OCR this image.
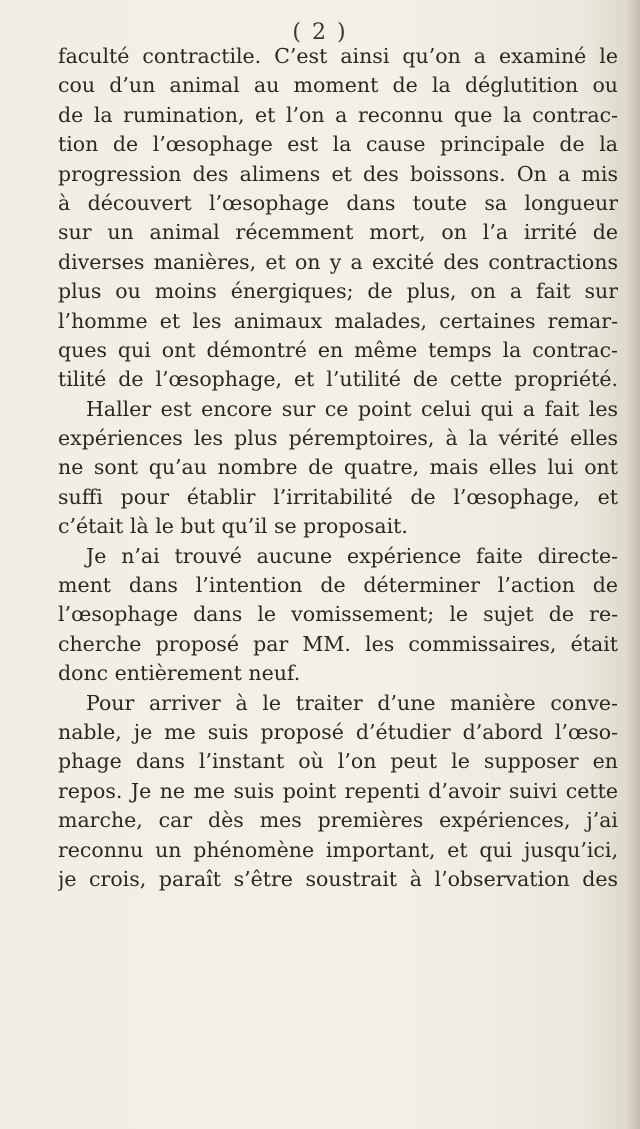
( 2 )
faculté contractile. C’est ainsi qu’on a examiné le
cou d’un animal au moment de la déglutition ou
de la rumination, et l’on a reconnu que la contrac-
tion de l’œsophage est la cause principale de la
progression des alimens et des boissons. On a mis
à découvert l’œsophage dans toute sa longueur
sur un animal récemment mort, on l’a irrité de
diverses manières, et on y a excité des contractions
plus ou moins énergiques; de plus, on a fait sur
l’homme et les animaux malades, certaines remar-
ques qui ont démontré en même temps la contrac-
tilité de l’œsophage, et l’utilité de cette propriété.
Haller est encore sur ce point celui qui a fait les
expériences les plus péremptoires, à la vérité elles
ne sont qu’au nombre de quatre, mais elles lui ont
suffi pour établir l’irritabilité de l’œsophage, et
c’était là le but qu’il se proposait.
Je n’ai trouvé aucune expérience faite directe-
ment dans l’intention de déterminer l’action de
l’œsophage dans le vomissement; le sujet de re-
cherche proposé par MM. les commissaires, était
donc entièrement neuf.
Pour arriver à le traiter d’une manière conve-
nable, je me suis proposé d’étudier d’abord l’œso-
phage dans l’instant où l’on peut le supposer en
repos. Je ne me suis point repenti d’avoir suivi cette
marche, car dès mes premières expériences, j’ai
reconnu un phénomène important, et qui jusqu’ici,
je crois, paraît s’être soustrait à l’observation des
